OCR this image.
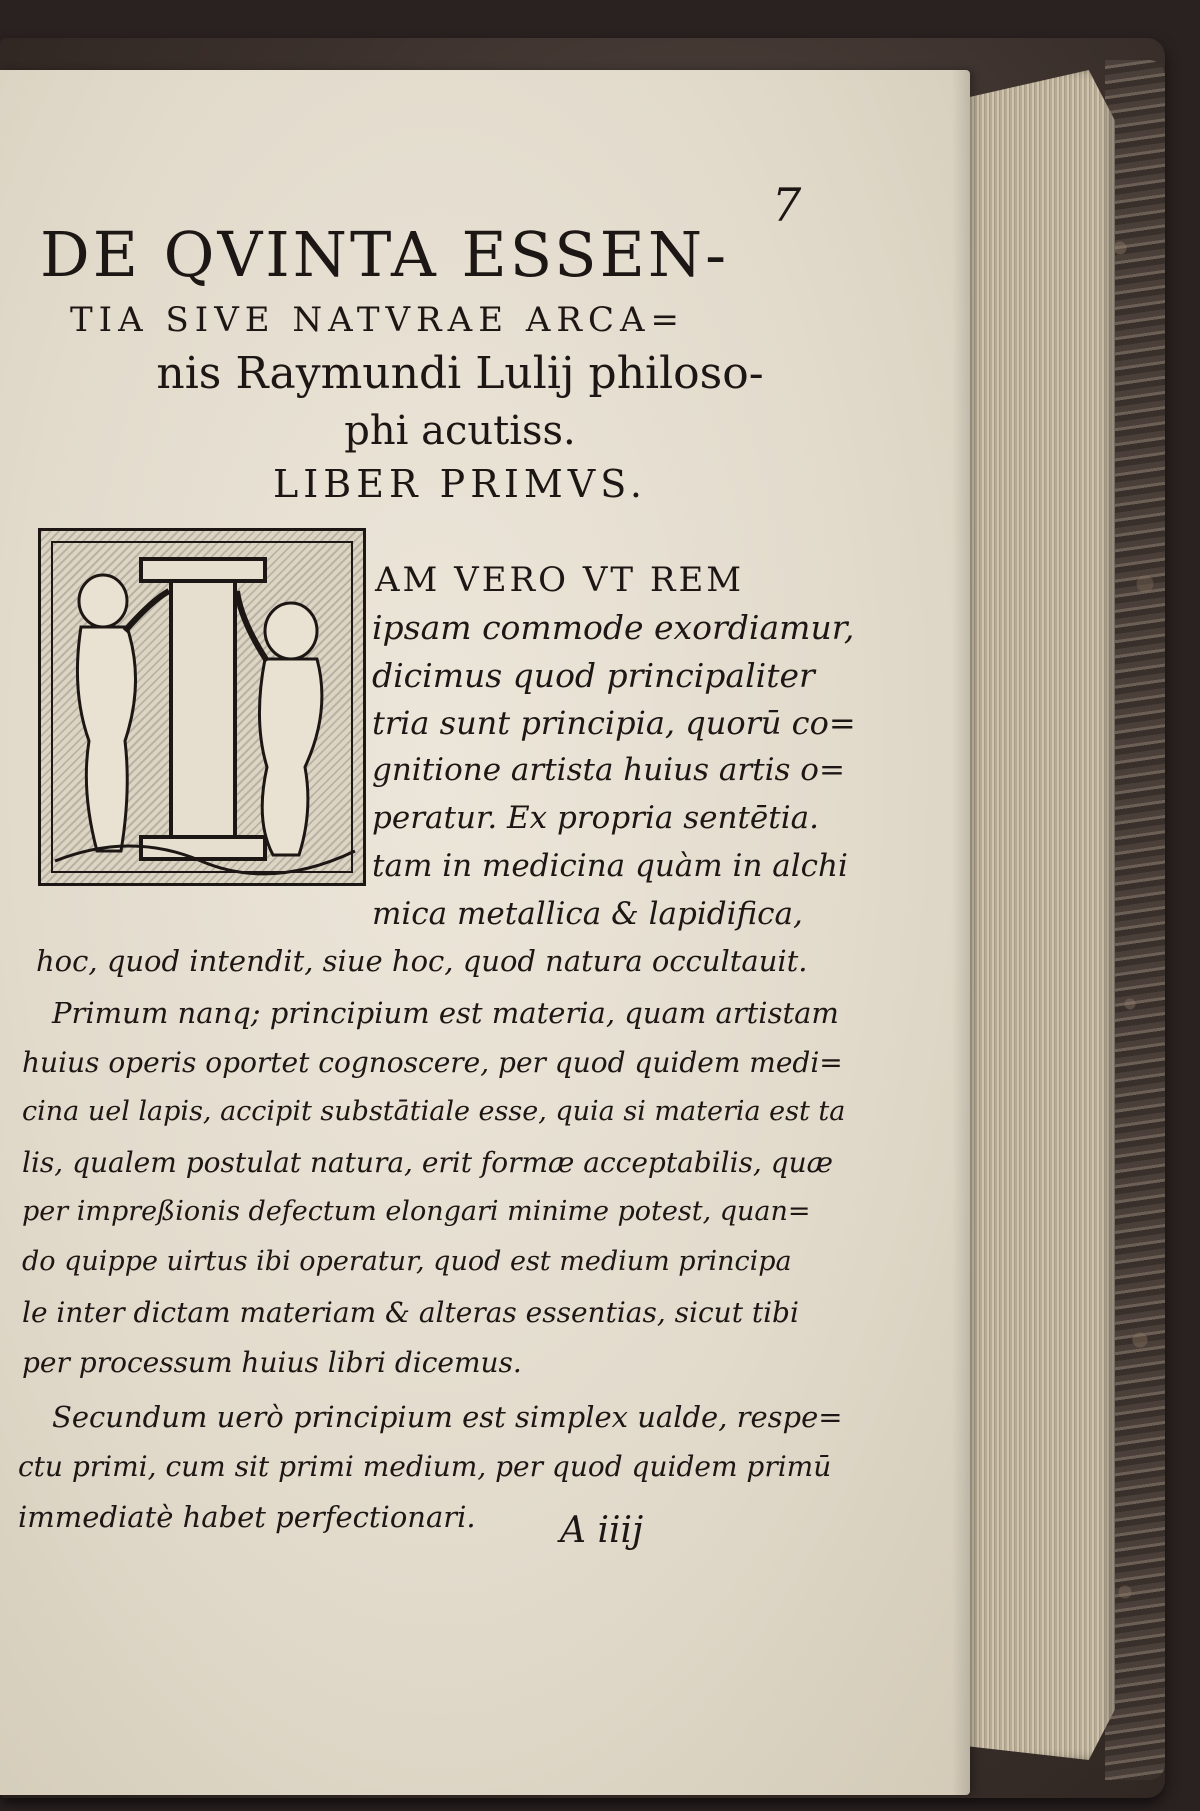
7
DE QVINTA ESSEN-
TIA SIVE NATVRAE ARCA=
nis Raymundi Lulij philoso-
phi acutiss.
LIBER PRIMVS.
AM VERO VT REM
ipsam commode exordiamur,
dicimus quod principaliter
tria sunt principia, quorū co=
gnitione artista huius artis o=
peratur. Ex propria sentētia.
tam in medicina quàm in alchi
mica metallica & lapidifica,
hoc, quod intendit, siue hoc, quod natura occultauit.
Primum nanq; principium est materia, quam artistam
huius operis oportet cognoscere, per quod quidem medi=
cina uel lapis, accipit substātiale esse, quia si materia est ta
lis, qualem postulat natura, erit formæ acceptabilis, quæ
per impreßionis defectum elongari minime potest, quan=
do quippe uirtus ibi operatur, quod est medium principa
le inter dictam materiam & alteras essentias, sicut tibi
per processum huius libri dicemus.
Secundum uerò principium est simplex ualde, respe=
ctu primi, cum sit primi medium, per quod quidem primū
immediatè habet perfectionari. A iiij
